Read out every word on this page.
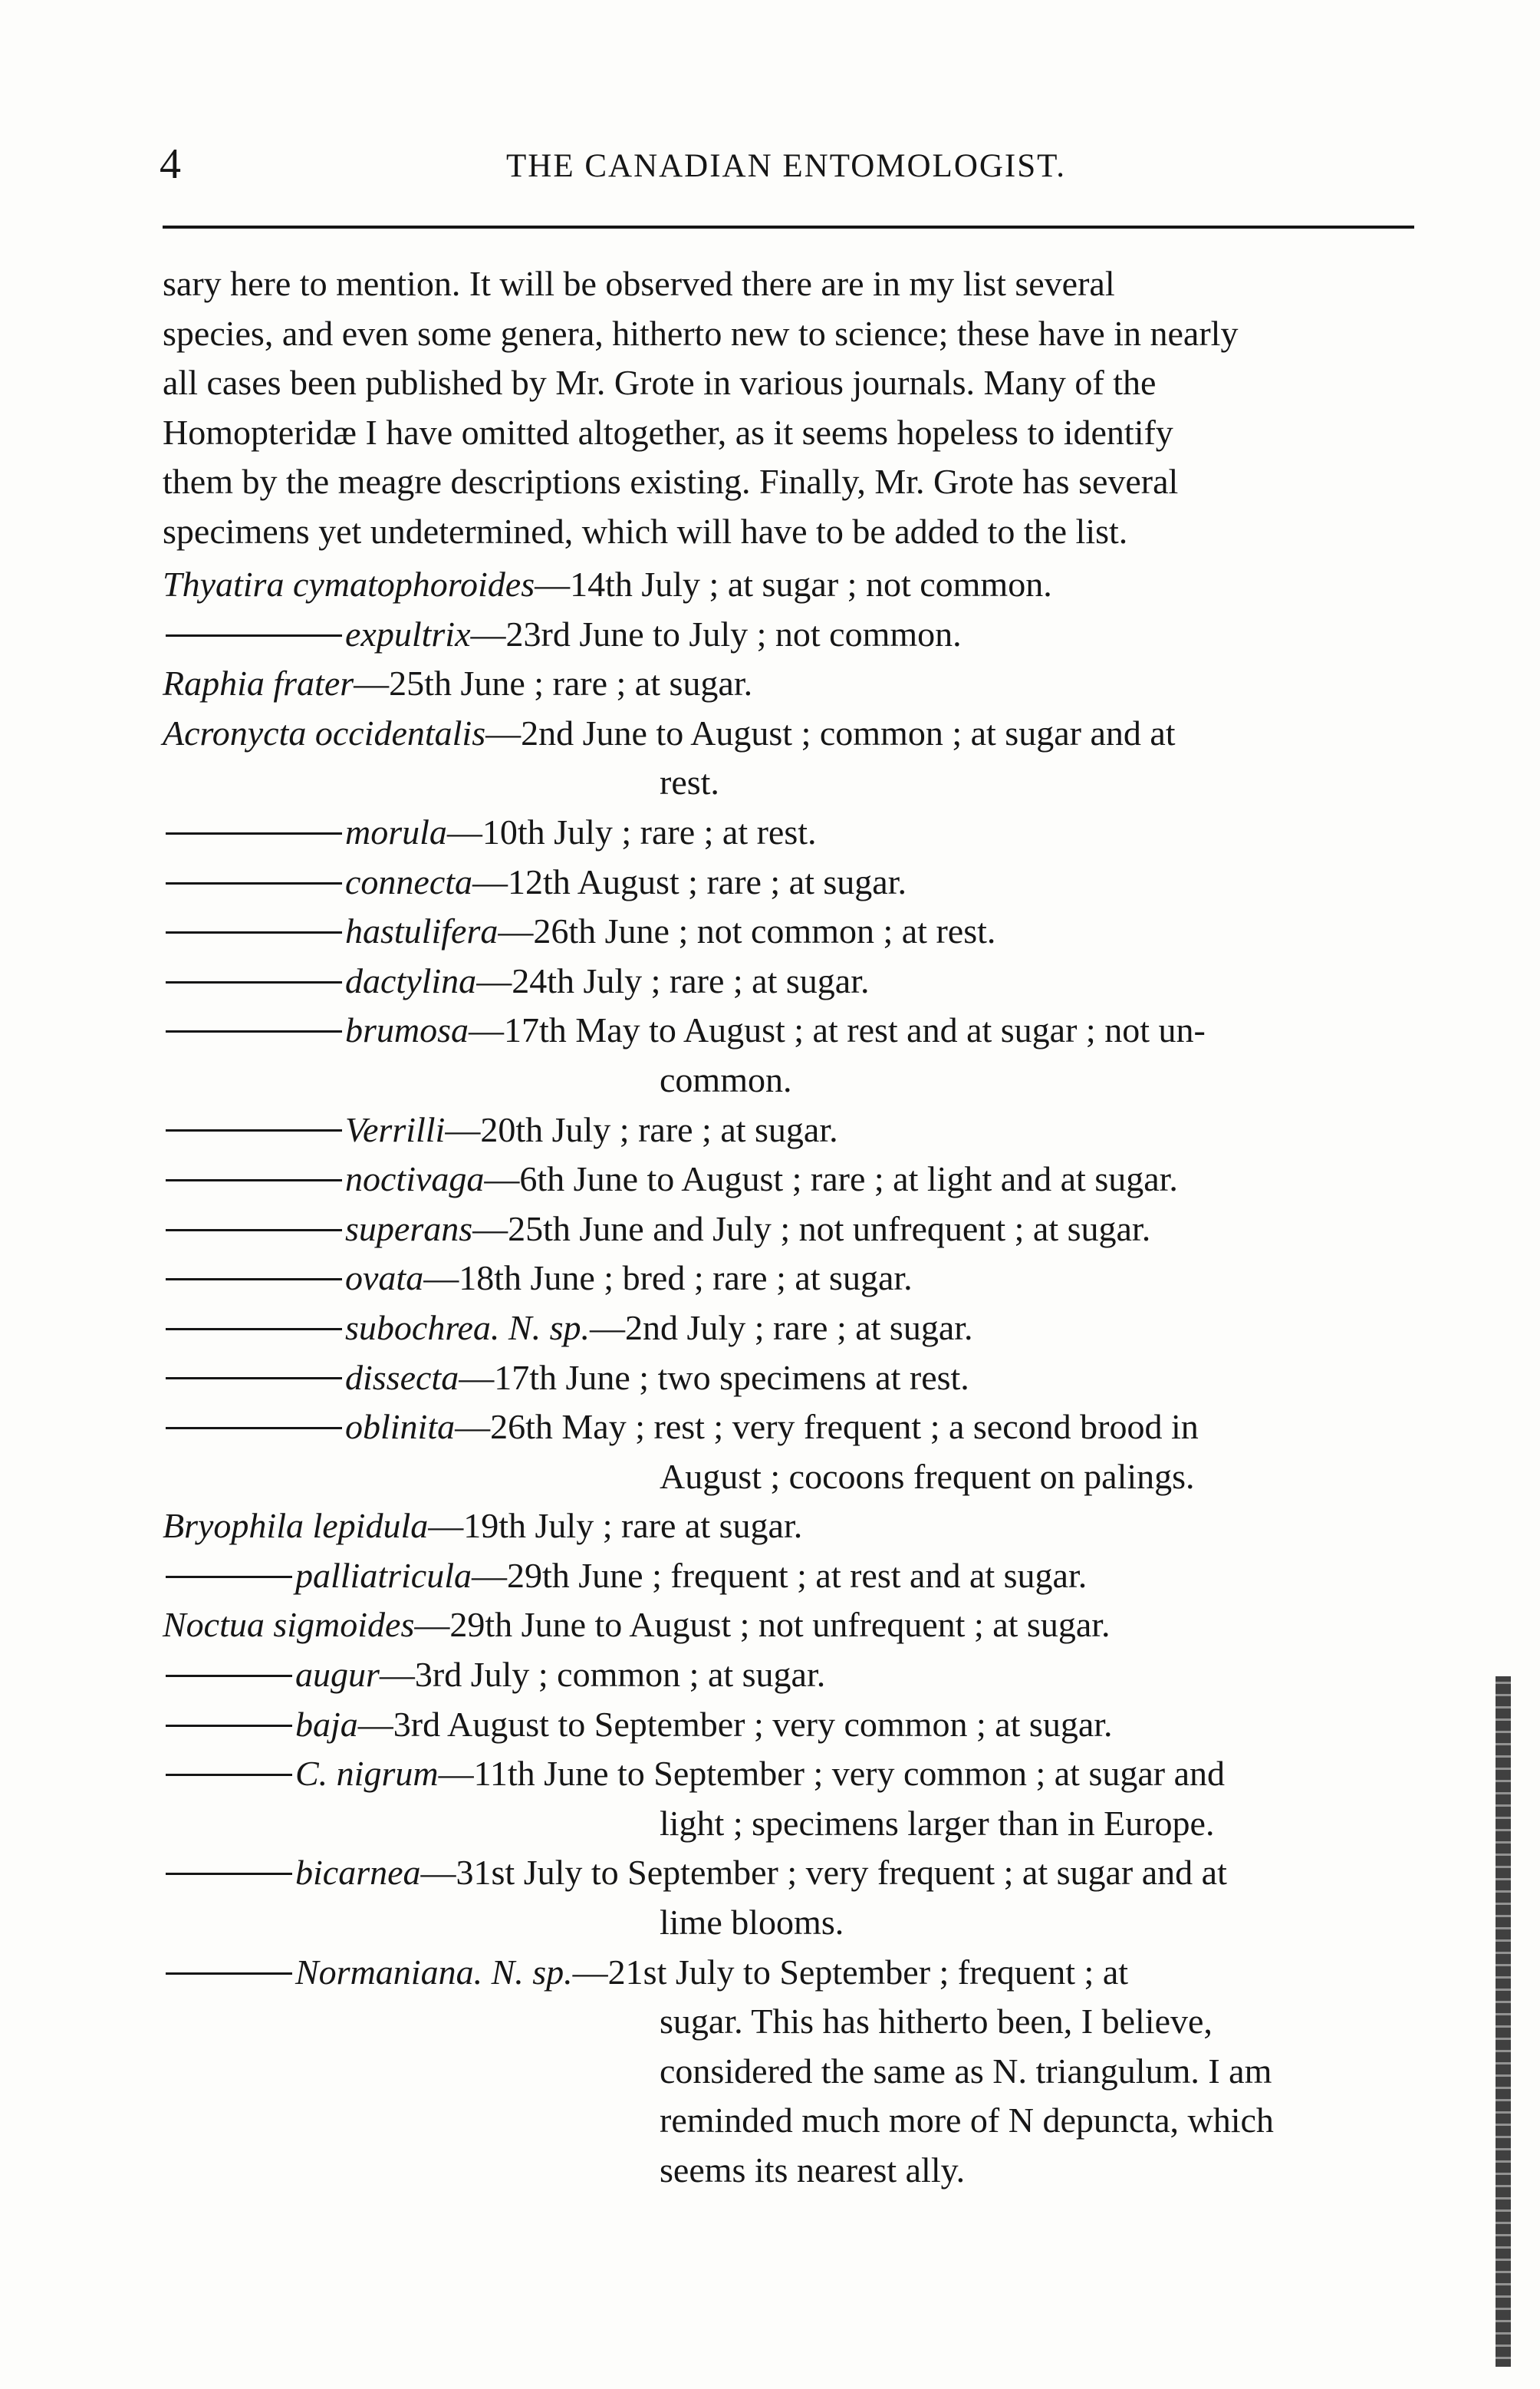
4	THE CANADIAN ENTOMOLOGIST.
sary here to mention. It will be observed there are in my list several
species, and even some genera, hitherto new to science; these have in nearly
all cases been published by Mr. Grote in various journals. Many of the
Homopteridæ I have omitted altogether, as it seems hopeless to identify
them by the meagre descriptions existing. Finally, Mr. Grote has several
specimens yet undetermined, which will have to be added to the list.
Thyatira cymatophoroides—14th July ; at sugar ; not common.
expultrix—23rd June to July ; not common.
Raphia frater—25th June ; rare ; at sugar.
Acronycta occidentalis—2nd June to August ; common ; at sugar and at
rest.
morula—10th July ; rare ; at rest.
connecta—12th August ; rare ; at sugar.
hastulifera—26th June ; not common ; at rest.
dactylina—24th July ; rare ; at sugar.
brumosa—17th May to August ; at rest and at sugar ; not un-
common.
Verrilli—20th July ; rare ; at sugar.
noctivaga—6th June to August ; rare ; at light and at sugar.
superans—25th June and July ; not unfrequent ; at sugar.
ovata—18th June ; bred ; rare ; at sugar.
subochrea. N. sp.—2nd July ; rare ; at sugar.
dissecta—17th June ; two specimens at rest.
oblinita—26th May ; rest ; very frequent ; a second brood in
August ; cocoons frequent on palings.
Bryophila lepidula—19th July ; rare at sugar.
palliatricula—29th June ; frequent ; at rest and at sugar.
Noctua sigmoides—29th June to August ; not unfrequent ; at sugar.
augur—3rd July ; common ; at sugar.
baja—3rd August to September ; very common ; at sugar.
C. nigrum—11th June to September ; very common ; at sugar and
light ; specimens larger than in Europe.
bicarnea—31st July to September ; very frequent ; at sugar and at
lime blooms.
Normaniana. N. sp.—21st July to September ; frequent ; at
sugar. This has hitherto been, I believe,
considered the same as N. triangulum. I am
reminded much more of N depuncta, which
seems its nearest ally.
